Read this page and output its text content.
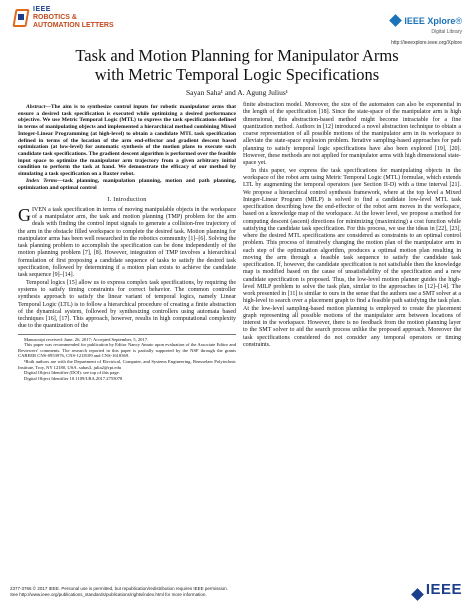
IEEE
ROBOTICS &
AUTOMATION LETTERS	IEEE Xplore®
Digital Library
http://ieeexplore.ieee.org/Xplore
Task and Motion Planning for Manipulator Arms
with Metric Temporal Logic Specifications
Sayan Saha¹ and A. Agung Julius¹

Abstract—The aim is to synthesize control inputs for robotic manipulator arms that ensure a desired task specification is executed while optimizing a desired performance objective. We use Metric Temporal Logic (MTL) to express the task specifications defined in terms of manipulating objects and implemented a hierarchical method combining Mixed Integer-Linear Programming (at high-level) to obtain a candidate MTL task specification defined in terms of the location of the arm end-effector and gradient descent based optimization (at low-level) for automatic synthesis of the motion plans to execute such candidate task specifications. The gradient descent algorithm is performed over the feasible input space to optimize the manipulator arm trajectory from a given arbitrary initial condition to perform the task at hand. We demonstrate the efficacy of our method by simulating a task specification on a Baxter robot.

Index Terms—task planning, manipulation planning, motion and path planning, optimization and optimal control

I. Introduction

GIVEN a task specification in terms of moving manipulable objects in the workspace of a manipulator arm, the task and motion planning (TMP) problem for the arm deals with finding the control input signals to generate a collision-free trajectory of the arm in the obstacle filled workspace to complete the desired task. Motion planning for manipulator arms has been well researched in the robotics community [1]–[6]. Solving the task planning problem to accomplish the specification can be done independently of the motion planning problem [7], [8]. However, integration of TMP involves a hierarchical formulation of first proposing a candidate sequence of tasks to satisfy the desired task specification, followed by determining if a motion plan exists to achieve the candidate task sequence [9]–[14].

Temporal logics [15] allow us to express complex task specifications, by requiring the systems to satisfy timing constraints for correct behavior. The common controller synthesis approach to satisfy the linear variant of temporal logics, namely Linear Temporal Logic (LTL) is to follow a hierarchical procedure of creating a finite abstraction of the dynamical system, followed by synthesizing controllers using automata based techniques [16], [17]. This approach, however, results in high computational complexity due to the quantization of the

Manuscript received: June, 26, 2017; Accepted September, 5, 2017.
This paper was recommended for publication by Editor Nancy Amato upon evaluation of the Associate Editor and Reviewers' comments. The research reported in this paper is partially supported by the NSF through the grants CAREER CNS-0953976, CNS-1218109 and CNS-1618369.
¹Both authors are with the Department of Electrical, Computer, and Systems Engineering, Rensselaer Polytechnic Institute, Troy, NY 12180, USA. sahas3, julia2@rpi.edu
Digital Object Identifier (DOI): see top of this page.
Digital Object Identifier 10.1109/LRA.2017.2755078

finite abstraction model. Moreover, the size of the automaton can also be exponential in the length of the specification [18]. Since the state-space of the manipulator arm is high dimensional, this abstraction-based method might become intractable for a fine quantization method. Authors in [12] introduced a novel abstraction technique to obtain a coarse representation of all possible motions of the manipulator arm in its workspace to alleviate the state-space explosion problem. Iterative sampling-based approaches for path planning to satisfy temporal logic specifications have also been explored [19], [20]. However, these methods are not applied for manipulator arms with high dimensional state-space yet.

In this paper, we express the task specifications for manipulating objects in the workspace of the robot arm using Metric Temporal Logic (MTL) formulae, which extends LTL by augmenting the temporal operators (see Section II-D) with a time interval [21]. We propose a hierarchical control synthesis framework, where at the top level a Mixed Integer-Linear Program (MILP) is solved to find a candidate low-level MTL task specification describing how the end-effector of the robot arm moves in the workspace, based on a knowledge map of the workspace. At the lower level, we propose a method for computing descent (ascent) directions for minimizing (maximizing) a cost function while satisfying the candidate task specification. For this process, we use the ideas in [22], [23], where the desired MTL specifications are considered as constraints to an optimal control problem. This process of iteratively changing the motion plan of the manipulator arm in each step of the optimization algorithm, produces a optimal motion plan resulting in moving the arm through a feasible task sequence to satisfy the candidate task specification. If, however, the candidate specification is not satisfiable then the knowledge map is modified based on the cause of unsatisfiability of the specification and a new candidate specification is proposed. Thus, the low-level motion planner guides the high-level MILP problem to solve the task plan, similar to the approaches in [12]–[14]. The work presented in [11] is similar to ours in the sense that the authors use a SMT solver at a high-level to search over a placement graph to find a feasible path satisfying the task plan. At the low-level sampling-based motion planning is employed to create the placement graph representing all possible motions of the manipulator arm between locations of interest in the workspace. However, there is no feedback from the motion planning layer to the SMT solver to aid the search process unlike the proposed approach. Moreover the task specifications considered do not consider any temporal operators or timing constraints.

2377-3766 © 2017 IEEE. Personal use is permitted, but republication/redistribution requires IEEE permission.
See http://www.ieee.org/publications_standards/publications/rights/index.html for more information.	IEEE
